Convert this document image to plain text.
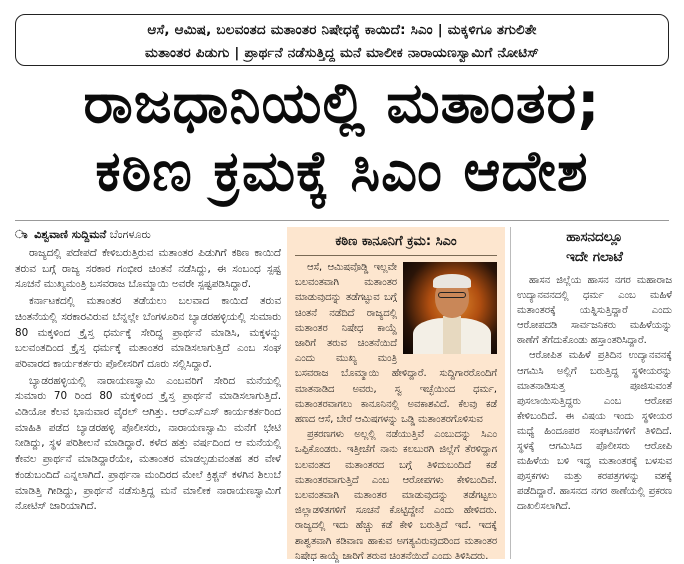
ಆಸೆ, ಆಮಿಷ, ಬಲವಂತದ ಮತಾಂತರ ನಿಷೇಧಕ್ಕೆ ಕಾಯಿದೆ: ಸಿಎಂ | ಮಕ್ಕಳಿಗೂ ತಗುಲಿತೇ
ಮತಾಂತರ ಪಿಡುಗು | ಪ್ರಾರ್ಥನೆ ನಡೆಸುತ್ತಿದ್ದ ಮನೆ ಮಾಲೀಕ ನಾರಾಯಣಸ್ವಾಮಿಗೆ ನೋಟಿಸ್
ರಾಜಧಾನಿಯಲ್ಲಿ ಮತಾಂತರ;
ಕಠಿಣ ಕ್ರಮಕ್ಕೆ ಸಿಎಂ ಆದೇಶ
ಾ ವಿಶ್ವವಾಣಿ ಸುದ್ದಿಮನೆ ಬೆಂಗಳೂರು

ರಾಜ್ಯದಲ್ಲಿ ಪದೇಪದೆ ಕೇಳಿಬರುತ್ತಿರುವ ಮತಾಂತರ ಪಿಡುಗಿಗೆ ಕಠಿಣ ಕಾಯಿದೆ ತರುವ ಬಗ್ಗೆ ರಾಜ್ಯ ಸರಕಾರ ಗಂಭೀರ ಚಿಂತನೆ ನಡೆಸಿದ್ದು, ಈ ಸಂಬಂಧ ಸ್ಪಷ್ಟ ಸೂಚನೆ ಮುಖ್ಯಮಂತ್ರಿ ಬಸವರಾಜ ಬೊಮ್ಮಾಯಿ ಅವರೇ ಸ್ಪಷ್ಟಪಡಿಸಿದ್ದಾರೆ.

ಕರ್ನಾಟಕದಲ್ಲಿ ಮತಾಂತರ ತಡೆಯಲು ಬಲವಾದ ಕಾಯಿದೆ ತರುವ ಚಿಂತನೆಯಲ್ಲಿ ಸರಕಾರವಿರುವ ಬೆನ್ನಲ್ಲೇ ಬೆಂಗಳೂರಿನ ಬ್ಯಾಡರಹಳ್ಳಿಯಲ್ಲಿ ಸುಮಾರು 80 ಮಕ್ಕಳಿಂದ ಕ್ರೈಸ್ತ ಧರ್ಮಕ್ಕೆ ಸೇರಿದ್ದ ಪ್ರಾರ್ಥನೆ ಮಾಡಿಸಿ, ಮಕ್ಕಳನ್ನು ಬಲವಂತದಿಂದ ಕ್ರೈಸ್ತ ಧರ್ಮಕ್ಕೆ ಮತಾಂತರ ಮಾಡಿಸಲಾಗುತ್ತಿದೆ ಎಂಬ ಸಂಘ ಪರಿವಾರದ ಕಾರ್ಯಕರ್ತರು ಪೊಲೀಸರಿಗೆ ದೂರು ಸಲ್ಲಿಸಿದ್ದಾರೆ.

ಬ್ಯಾಡರಹಳ್ಳಿಯಲ್ಲಿ ನಾರಾಯಣಸ್ವಾಮಿ ಎಂಬವರಿಗೆ ಸೇರಿದ ಮನೆಯಲ್ಲಿ ಸುಮಾರು 70 ರಿಂದ 80 ಮಕ್ಕಳಿಂದ ಕ್ರೈಸ್ತ ಪ್ರಾರ್ಥನೆ ಮಾಡಿಸಲಾಗುತ್ತಿದೆ. ವಿಡಿಯೋ ಕೆಲವ ಭಾನುವಾರ ವೈರಲ್ ಆಗಿತ್ತು. ಆರ್‌ಎಸ್‌ಎಸ್ ಕಾರ್ಯಕರ್ತರಿಂದ ಮಾಹಿತಿ ಪಡೆದ ಬ್ಯಾಡರಹಳ್ಳಿ ಪೊಲೀಸರು, ನಾರಾಯಣಸ್ವಾಮಿ ಮನೆಗೆ ಭೇಟಿ ನೀಡಿದ್ದು, ಸ್ಥಳ ಪರಿಶೀಲನೆ ಮಾಡಿದ್ದಾರೆ. ಕಳೆದ ಹತ್ತು ವರ್ಷದಿಂದ ಆ ಮನೆಯಲ್ಲಿ ಕೇವಲ ಪ್ರಾರ್ಥನೆ ಮಾಡಿದ್ದಾರೆಯೇ, ಮತಾಂತರ ಮಾಡಲ್ಪಡುವಂತಹ ತರ ವೇಳೆ ಕಂಡುಬಂದಿದೆ ಎನ್ನಲಾಗಿದೆ. ಪ್ರಾರ್ಥನಾ ಮಂದಿರದ ಮೇಲೆ ಕ್ರಿಶ್ಚನ್ ಕಳಗಿನ ಶಿಲುಬೆ ಮಾಡಿತ್ತಿ ಗೀಡಿದ್ದು, ಪ್ರಾರ್ಥನೆ ನಡೆಸುತ್ತಿದ್ದ ಮನೆ ಮಾಲೀಕ ನಾರಾಯಣಸ್ವಾಮಿಗೆ ನೋಟಿಸ್ ಜಾರಿಯಾಗಿದೆ.

ಕಠಿಣ ಕಾನೂನಿಗೆ ಕ್ರಮ: ಸಿಎಂ

ಆಸೆ, ಆಮಿಷವೊಡ್ಡಿ ಇಲ್ಲವೇ ಬಲವಂತವಾಗಿ ಮತಾಂತರ ಮಾಡುವುದನ್ನು ತಡೆಗಟ್ಟುವ ಬಗ್ಗೆ ಚಿಂತನೆ ನಡೆದಿದೆ ರಾಜ್ಯದಲ್ಲಿ ಮತಾಂತರ ನಿಷೇಧ ಕಾಯ್ದೆ ಜಾರಿಗೆ ತರುವ ಚಿಂತನೆಯಿದೆ ಎಂದು ಮುಖ್ಯ ಮಂತ್ರಿ ಬಸವರಾಜ ಬೊಮ್ಮಾಯಿ ಹೇಳಿದ್ದಾರೆ. ಸುದ್ದಿಗಾರರೊಂದಿಗೆ ಮಾತನಾಡಿದ ಅವರು, ಸ್ವ ಇಚ್ಛೆಯಿಂದ ಧರ್ಮ, ಮತಾಂತರವಾಗಲು ಕಾನೂನಿನಲ್ಲಿ ಅವಕಾಶವಿದೆ. ಕೆಲವು ಕಡೆ ಹಣದ ಆಸೆ, ಬೇರೆ ಆಮಿಷಗಳನ್ನು ಒಡ್ಡಿ ಮತಾಂತರಗೊಳಿಸುವ

ಪ್ರಕರಣಗಳು ಅಲ್ಲಲ್ಲಿ ನಡೆಯುತ್ತಿವೆ ಎಂಬುದನ್ನು ಸಿಎಂ ಒಪ್ಪಿಕೊಂಡರು. ಇತ್ತೀಚೆಗೆ ನಾನು ಕಲಬುರಗಿ ಜಿಲ್ಲೆಗೆ ತೆರಳಿದ್ದಾಗ ಬಲವಂತದ ಮತಾಂತರದ ಬಗ್ಗೆ ತಿಳಿದುಬಂದಿದೆ ಕಡೆ ಮತಾಂತರವಾಗುತ್ತಿದೆ ಎಂಬ ಆರೋಪಗಳು ಕೇಳಿಬಂದಿವೆ. ಬಲವಂತವಾಗಿ ಮತಾಂತರ ಮಾಡುವುದನ್ನು ತಡೆಗಟ್ಟಲು ಜಿಲ್ಲಾಡಳಿತಗಳಿಗೆ ಸೂಚನೆ ಕೊಟ್ಟಿದ್ದೇನೆ ಎಂದು ಹೇಳಿದರು. ರಾಜ್ಯದಲ್ಲಿ ಇದು ಹೆಚ್ಚು ಕಡೆ ಕೇಳಿ ಬರುತ್ತಿದೆ ಇದೆ. ಇದಕ್ಕೆ ಶಾಶ್ವತವಾಗಿ ಕಡಿವಾಣ ಹಾಕುವ ಅಗತ್ಯವಿರುವುದರಿಂದ ಮತಾಂತರ ನಿಷೇಧ ಕಾಯ್ದೆ ಜಾರಿಗೆ ತರುವ ಚಿಂತನೆಯಿದೆ ಎಂದು ತಿಳಿಸಿದರು.

ಹಾಸನದಲ್ಲೂ
ಇದೇ ಗಲಾಟೆ

ಹಾಸನ ಜಿಲ್ಲೆಯ ಹಾಸನ ನಗರ ಮಹಾರಾಜ ಉದ್ಯಾನವನದಲ್ಲಿ ಧರ್ಮ ಎಂಬ ಮಹಿಳೆ ಮತಾಂತರಕ್ಕೆ ಯತ್ನಿಸುತ್ತಿದ್ದಾರೆ ಎಂದು ಆರೋಪದಡಿ ಸಾರ್ವಜನಿಕರು ಮಹಿಳೆಯನ್ನು ಠಾಣೆಗೆ ತೆಗೆದುಕೊಂಡು ಹಸ್ತಾಂತರಿಸಿದ್ದಾರೆ.

ಆರೋಪಿತ ಮಹಿಳೆ ಪ್ರತಿದಿನ ಉದ್ಯಾನವನಕ್ಕೆ ಆಗಮಿಸಿ ಅಲ್ಲಿಗೆ ಬರುತ್ತಿದ್ದ ಸ್ಥಳೀಯರನ್ನು ಮಾತನಾಡಿಸುತ್ತ ಪೂಜಿಸುವಂತೆ ಪುಸಲಾಯಿಸುತ್ತಿದ್ದರು ಎಂಬ ಆರೋಪ ಕೇಳಿಬಂದಿದೆ. ಈ ವಿಷಯ ಇಂದು ಸ್ಥಳೀಯರ ಮಧ್ಯೆ ಹಿಂದೂಪರ ಸಂಘಟನೆಗಳಿಗೆ ತಿಳಿದಿದೆ. ಸ್ಥಳಕ್ಕೆ ಆಗಮಿಸಿದ ಪೊಲೀಸರು ಆರೋಪಿ ಮಹಿಳೆಯ ಬಳಿ ಇದ್ದ ಮತಾಂತರಕ್ಕೆ ಬಳಸುವ ಪುಸ್ತಕಗಳು ಮತ್ತು ಕರಪತ್ರಗಳನ್ನು ವಶಕ್ಕೆ ಪಡೆದಿದ್ದಾರೆ. ಹಾಸನದ ನಗರ ಠಾಣೆಯಲ್ಲಿ ಪ್ರಕರಣ ದಾಖಲಿಸಲಾಗಿದೆ.
